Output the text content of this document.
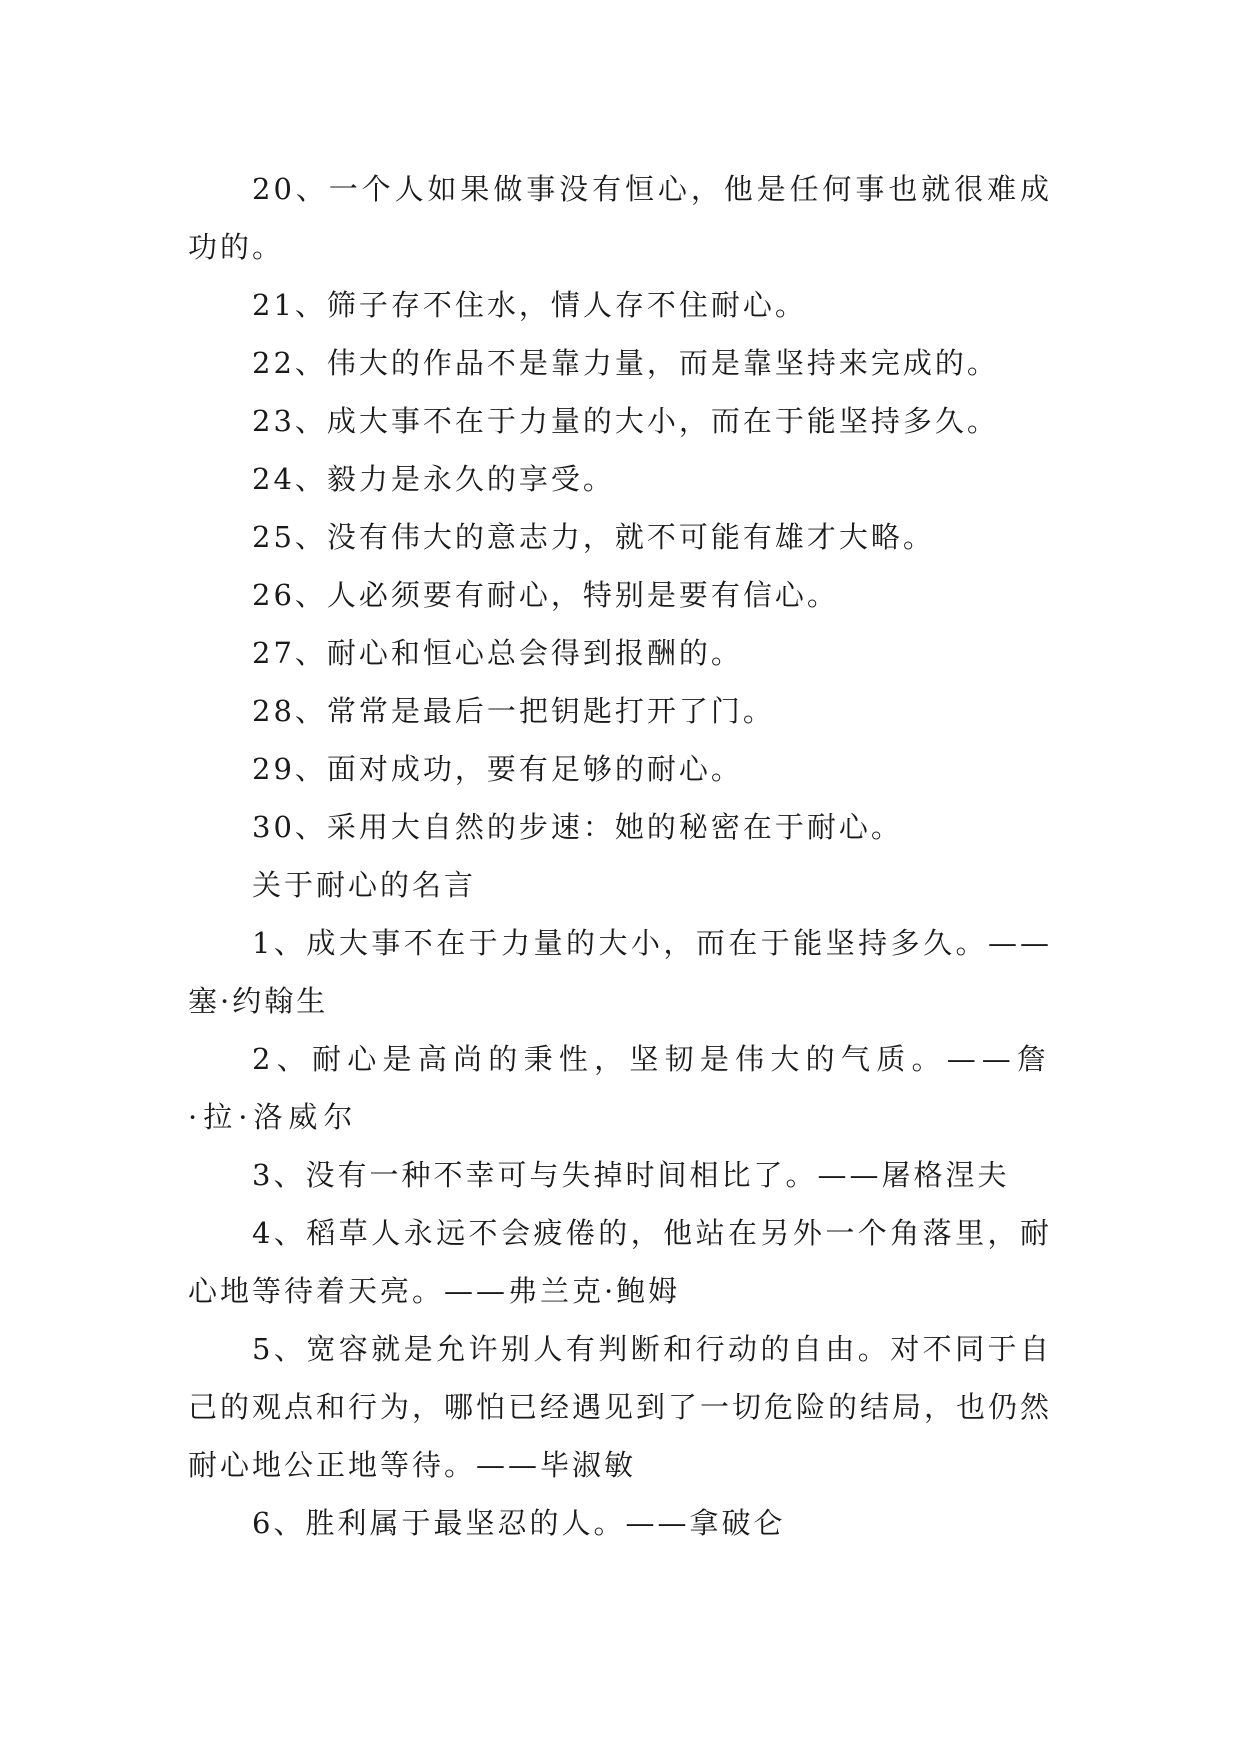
20、一个人如果做事没有恒心，他是任何事也就很难成功的。

21、筛子存不住水，情人存不住耐心。

22、伟大的作品不是靠力量，而是靠坚持来完成的。

23、成大事不在于力量的大小，而在于能坚持多久。

24、毅力是永久的享受。

25、没有伟大的意志力，就不可能有雄才大略。

26、人必须要有耐心，特别是要有信心。

27、耐心和恒心总会得到报酬的。

28、常常是最后一把钥匙打开了门。

29、面对成功，要有足够的耐心。

30、采用大自然的步速：她的秘密在于耐心。

关于耐心的名言

1、成大事不在于力量的大小，而在于能坚持多久。——塞·约翰生

2、耐心是高尚的秉性，坚韧是伟大的气质。——詹·拉·洛威尔

3、没有一种不幸可与失掉时间相比了。——屠格涅夫

4、稻草人永远不会疲倦的，他站在另外一个角落里，耐心地等待着天亮。——弗兰克·鲍姆

5、宽容就是允许别人有判断和行动的自由。对不同于自己的观点和行为，哪怕已经遇见到了一切危险的结局，也仍然耐心地公正地等待。——毕淑敏

6、胜利属于最坚忍的人。——拿破仑
